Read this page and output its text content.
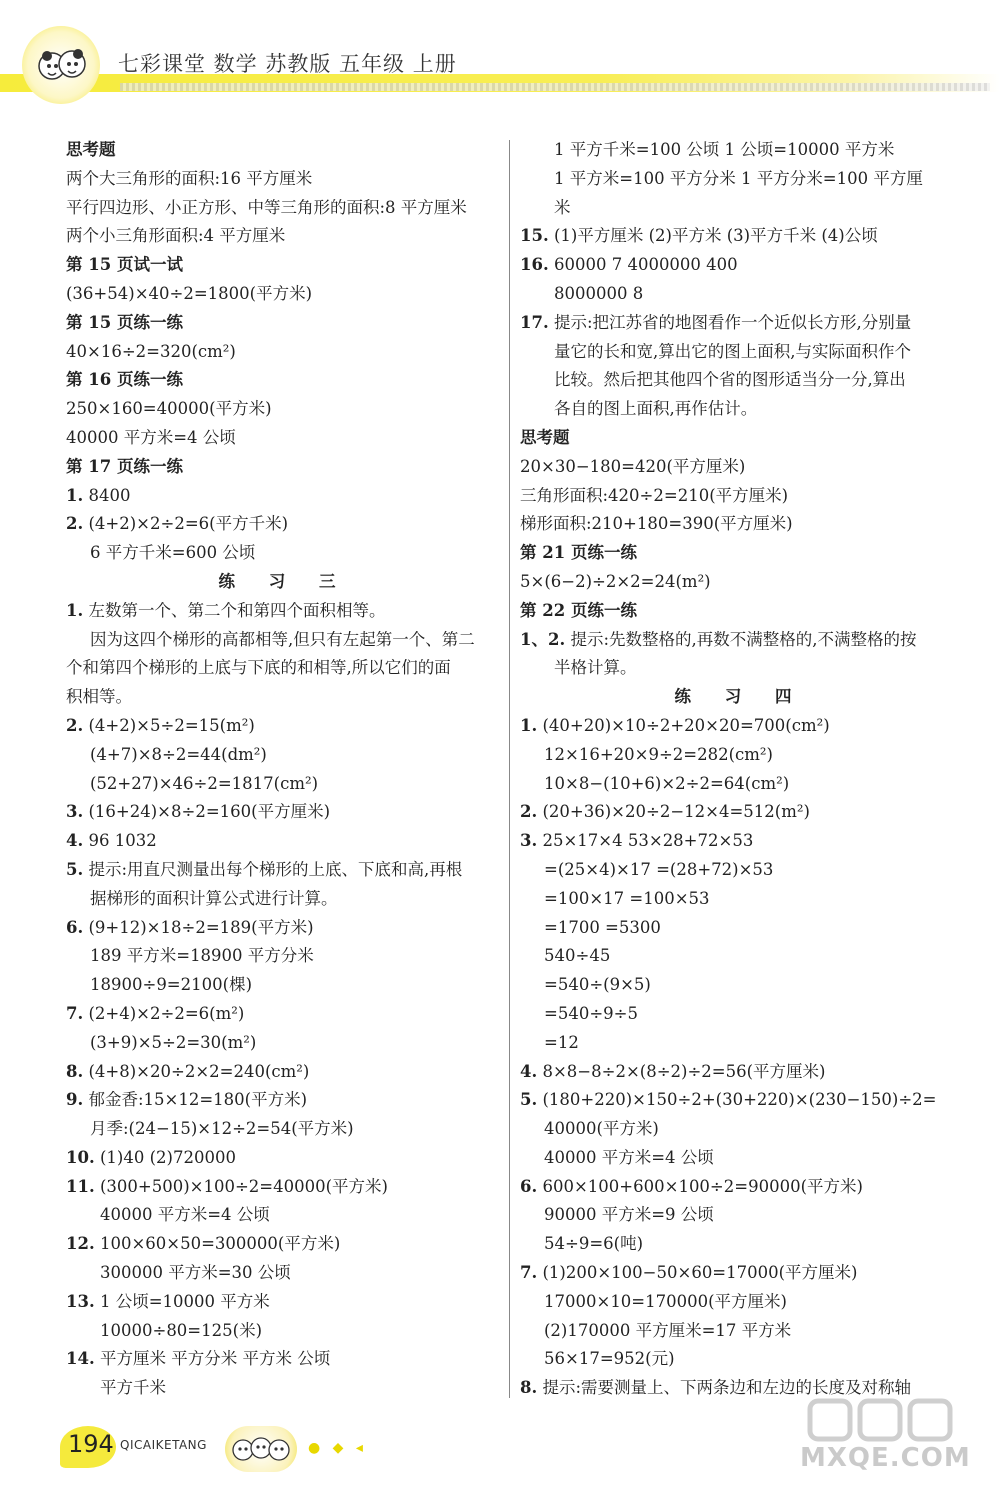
七彩课堂 数学 苏教版 五年级 上册
思考题
两个大三角形的面积:16 平方厘米
平行四边形、小正方形、中等三角形的面积:8 平方厘米
两个小三角形面积:4 平方厘米
第 15 页试一试
(36+54)×40÷2=1800(平方米)
第 15 页练一练
40×16÷2=320(cm²)
第 16 页练一练
250×160=40000(平方米)
40000 平方米=4 公顷
第 17 页练一练
1. 8400
2. (4+2)×2÷2=6(平方千米)
6 平方千米=600 公顷
练 习 三
1. 左数第一个、第二个和第四个面积相等。
因为这四个梯形的高都相等,但只有左起第一个、第二
个和第四个梯形的上底与下底的和相等,所以它们的面
积相等。
2. (4+2)×5÷2=15(m²)
(4+7)×8÷2=44(dm²)
(52+27)×46÷2=1817(cm²)
3. (16+24)×8÷2=160(平方厘米)
4. 96 1032
5. 提示:用直尺测量出每个梯形的上底、下底和高,再根
据梯形的面积计算公式进行计算。
6. (9+12)×18÷2=189(平方米)
189 平方米=18900 平方分米
18900÷9=2100(棵)
7. (2+4)×2÷2=6(m²)
(3+9)×5÷2=30(m²)
8. (4+8)×20÷2×2=240(cm²)
9. 郁金香:15×12=180(平方米)
月季:(24−15)×12÷2=54(平方米)
10. (1)40 (2)720000
11. (300+500)×100÷2=40000(平方米)
40000 平方米=4 公顷
12. 100×60×50=300000(平方米)
300000 平方米=30 公顷
13. 1 公顷=10000 平方米
10000÷80=125(米)
14. 平方厘米 平方分米 平方米 公顷
平方千米
1 平方千米=100 公顷 1 公顷=10000 平方米
1 平方米=100 平方分米 1 平方分米=100 平方厘
米
15. (1)平方厘米 (2)平方米 (3)平方千米 (4)公顷
16. 60000 7 4000000 400
8000000 8
17. 提示:把江苏省的地图看作一个近似长方形,分别量
量它的长和宽,算出它的图上面积,与实际面积作个
比较。然后把其他四个省的图形适当分一分,算出
各自的图上面积,再作估计。
思考题
20×30−180=420(平方厘米)
三角形面积:420÷2=210(平方厘米)
梯形面积:210+180=390(平方厘米)
第 21 页练一练
5×(6−2)÷2×2=24(m²)
第 22 页练一练
1、2. 提示:先数整格的,再数不满整格的,不满整格的按
半格计算。
练 习 四
1. (40+20)×10÷2+20×20=700(cm²)
12×16+20×9÷2=282(cm²)
10×8−(10+6)×2÷2=64(cm²)
2. (20+36)×20÷2−12×4=512(m²)
3. 25×17×4 53×28+72×53
=(25×4)×17 =(28+72)×53
=100×17 =100×53
=1700 =5300
540÷45
=540÷(9×5)
=540÷9÷5
=12
4. 8×8−8÷2×(8÷2)÷2=56(平方厘米)
5. (180+220)×150÷2+(30+220)×(230−150)÷2=
40000(平方米)
40000 平方米=4 公顷
6. 600×100+600×100÷2=90000(平方米)
90000 平方米=9 公顷
54÷9=6(吨)
7. (1)200×100−50×60=17000(平方厘米)
17000×10=170000(平方厘米)
(2)170000 平方厘米=17 平方米
56×17=952(元)
8. 提示:需要测量上、下两条边和左边的长度及对称轴
194 QICAIKETANG	● ◆ ◂	MXQE.COM
